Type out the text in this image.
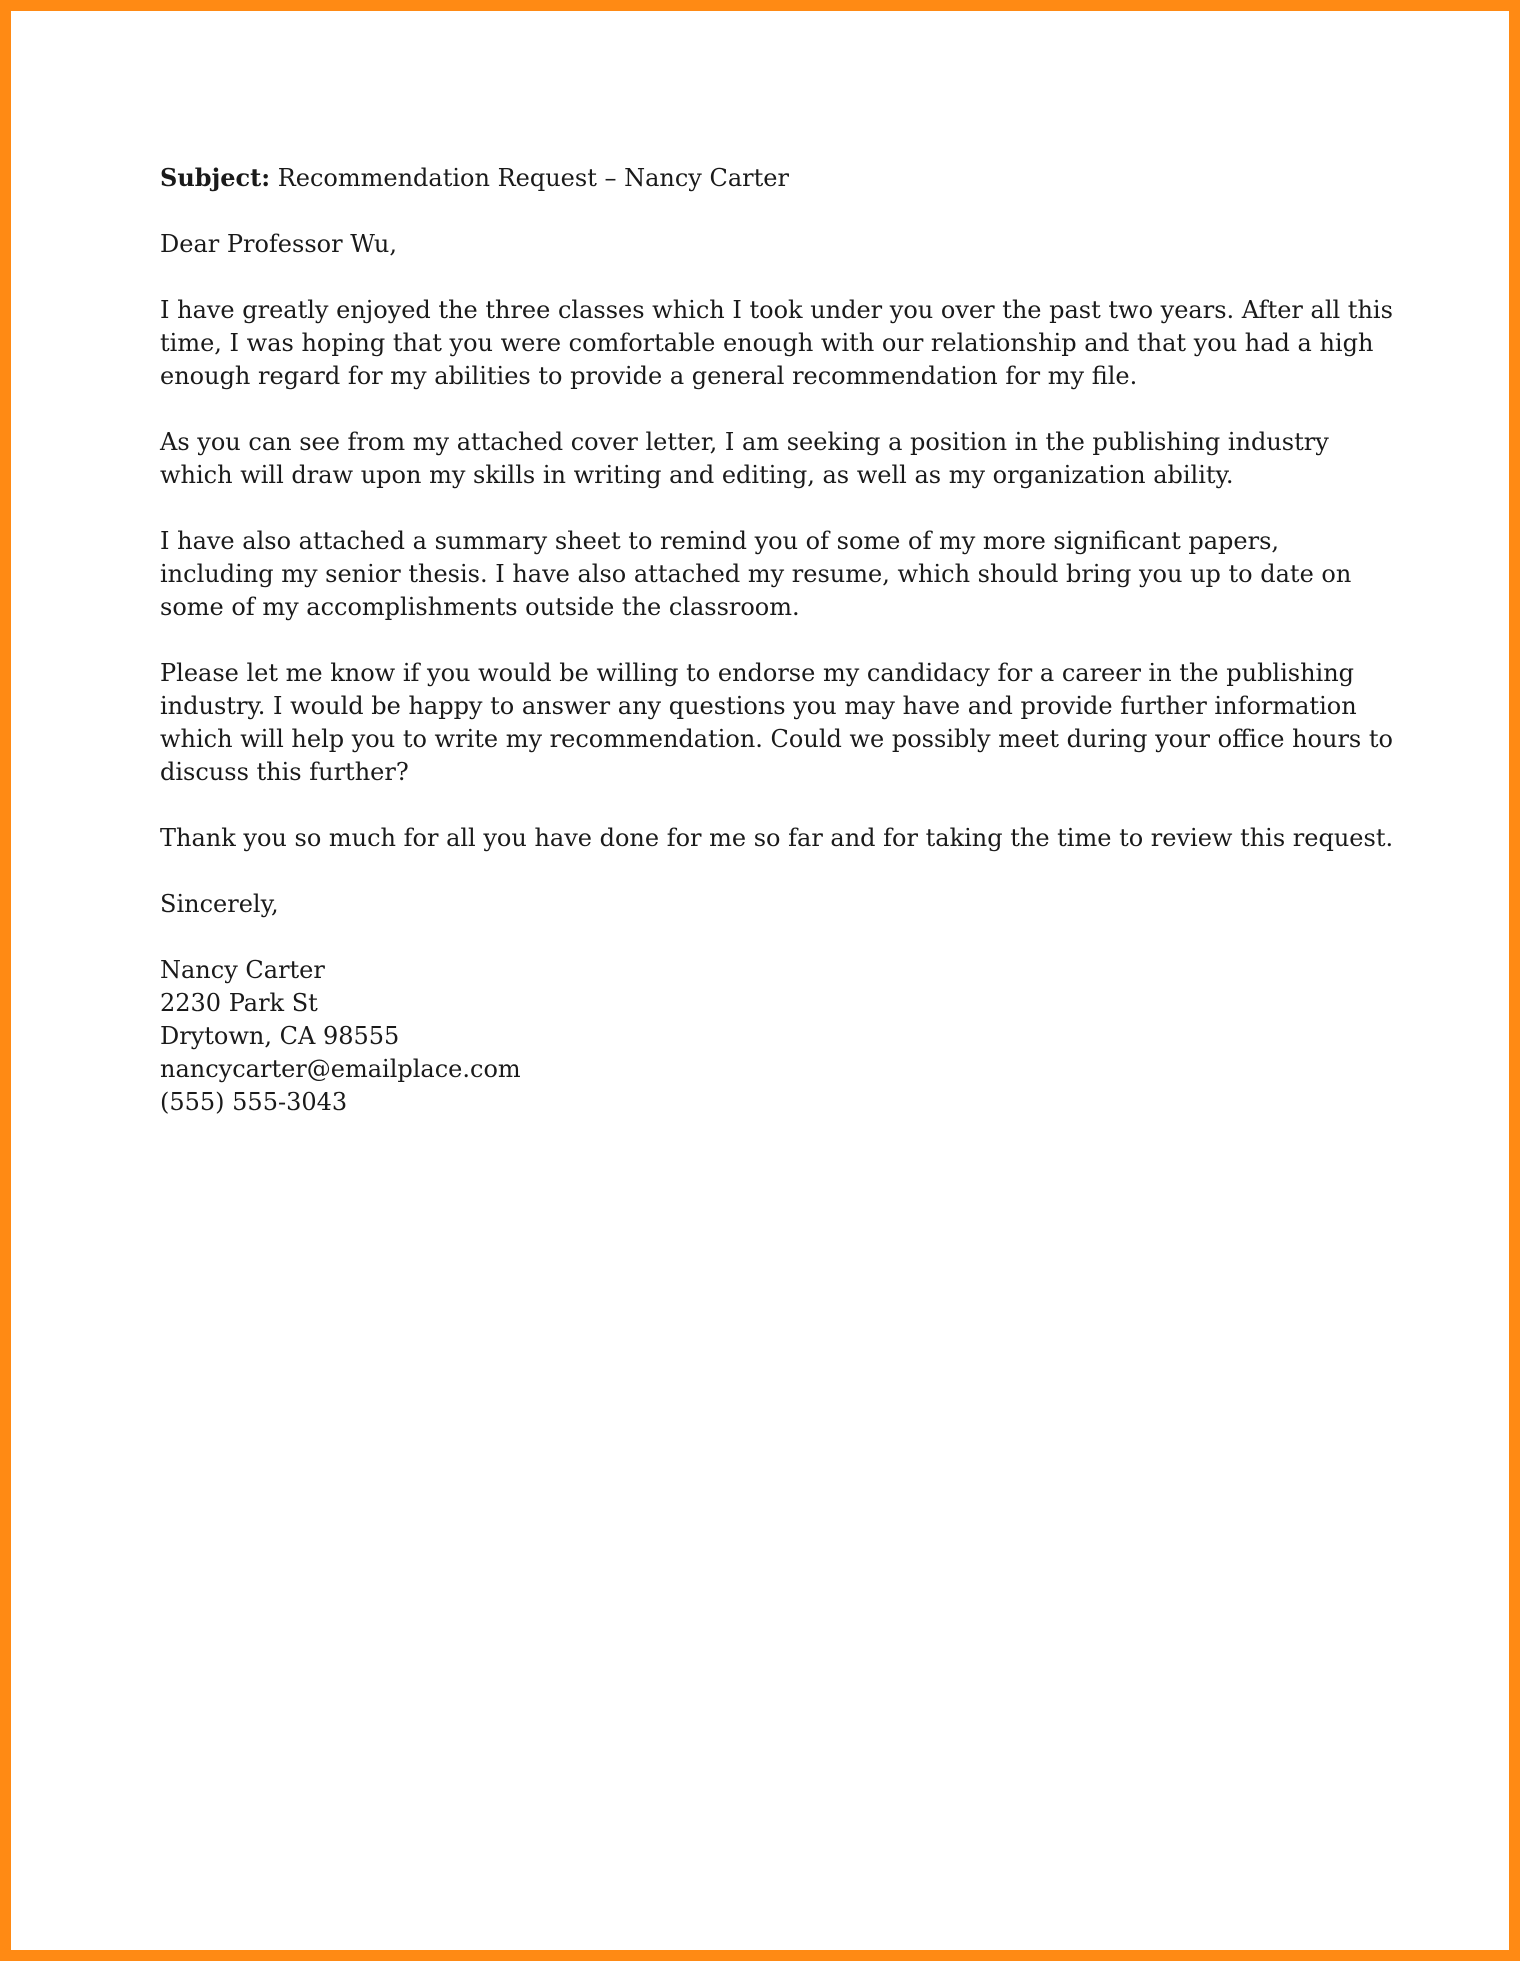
Subject: Recommendation Request – Nancy Carter

Dear Professor Wu,

I have greatly enjoyed the three classes which I took under you over the past two years. After all this time, I was hoping that you were comfortable enough with our relationship and that you had a high enough regard for my abilities to provide a general recommendation for my file.

As you can see from my attached cover letter, I am seeking a position in the publishing industry which will draw upon my skills in writing and editing, as well as my organization ability.

I have also attached a summary sheet to remind you of some of my more significant papers, including my senior thesis. I have also attached my resume, which should bring you up to date on some of my accomplishments outside the classroom.

Please let me know if you would be willing to endorse my candidacy for a career in the publishing industry. I would be happy to answer any questions you may have and provide further information which will help you to write my recommendation. Could we possibly meet during your office hours to discuss this further?

Thank you so much for all you have done for me so far and for taking the time to review this request.

Sincerely,

Nancy Carter
2230 Park St
Drytown, CA 98555
nancycarter@emailplace.com
(555) 555-3043
